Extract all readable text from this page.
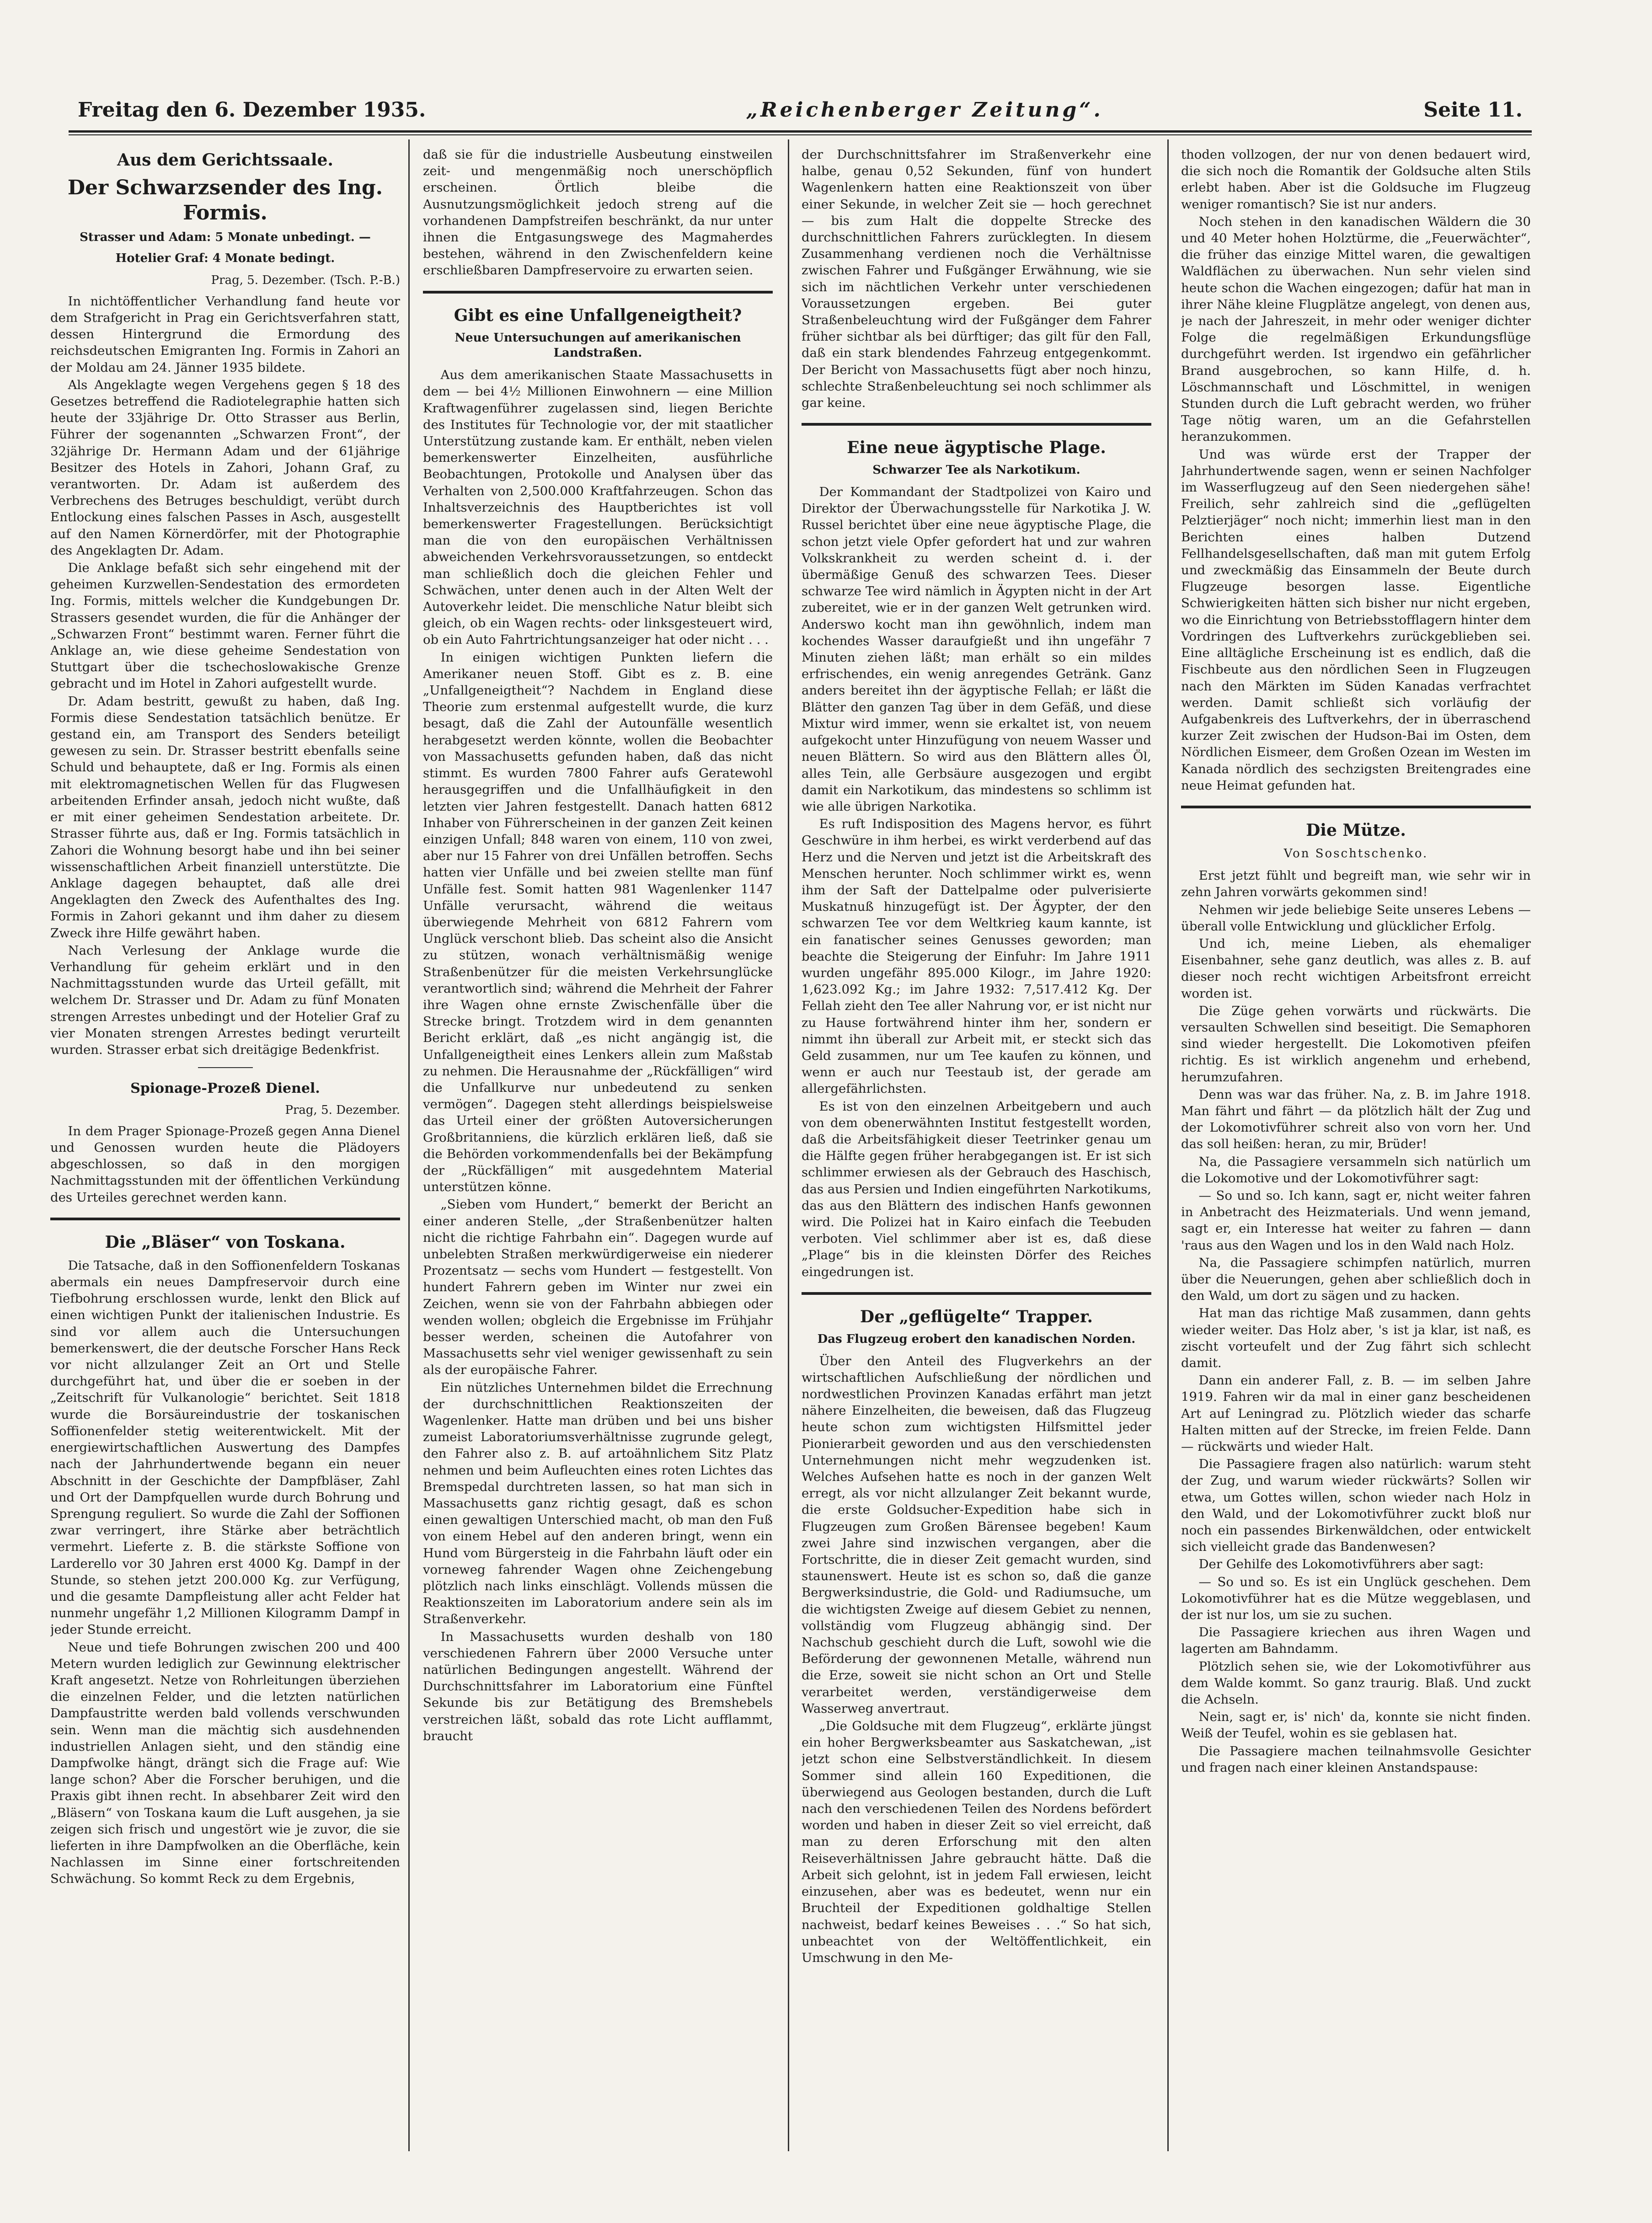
Freitag den 6. Dezember 1935.	„Reichenberger Zeitung“.	Seite 11.
Aus dem Gerichtssaale.
Der Schwarzsender des Ing. Formis.
Strasser und Adam: 5 Monate unbedingt. —
Hotelier Graf: 4 Monate bedingt.
Prag, 5. Dezember. (Tsch. P.-B.)

In nichtöffentlicher Verhandlung fand heute vor dem Strafgericht in Prag ein Gerichtsverfahren statt, dessen Hintergrund die Ermordung des reichsdeutschen Emigranten Ing. Formis in Zahori an der Moldau am 24. Jänner 1935 bildete.

Als Angeklagte wegen Vergehens gegen § 18 des Gesetzes betreffend die Radiotelegraphie hatten sich heute der 33jährige Dr. Otto Strasser aus Berlin, Führer der sogenannten „Schwarzen Front“, der 32jährige Dr. Hermann Adam und der 61jährige Besitzer des Hotels in Zahori, Johann Graf, zu verantworten. Dr. Adam ist außerdem des Verbrechens des Betruges beschuldigt, verübt durch Entlockung eines falschen Passes in Asch, ausgestellt auf den Namen Körnerdörfer, mit der Photographie des Angeklagten Dr. Adam.

Die Anklage befaßt sich sehr eingehend mit der geheimen Kurzwellen-Sendestation des ermordeten Ing. Formis, mittels welcher die Kundgebungen Dr. Strassers gesendet wurden, die für die Anhänger der „Schwarzen Front“ bestimmt waren. Ferner führt die Anklage an, wie diese geheime Sendestation von Stuttgart über die tschechoslowakische Grenze gebracht und im Hotel in Zahori aufgestellt wurde.

Dr. Adam bestritt, gewußt zu haben, daß Ing. Formis diese Sendestation tatsächlich benütze. Er gestand ein, am Transport des Senders beteiligt gewesen zu sein. Dr. Strasser bestritt ebenfalls seine Schuld und behauptete, daß er Ing. Formis als einen mit elektromagnetischen Wellen für das Flugwesen arbeitenden Erfinder ansah, jedoch nicht wußte, daß er mit einer geheimen Sendestation arbeitete. Dr. Strasser führte aus, daß er Ing. Formis tatsächlich in Zahori die Wohnung besorgt habe und ihn bei seiner wissenschaftlichen Arbeit finanziell unterstützte. Die Anklage dagegen behauptet, daß alle drei Angeklagten den Zweck des Aufenthaltes des Ing. Formis in Zahori gekannt und ihm daher zu diesem Zweck ihre Hilfe gewährt haben.

Nach Verlesung der Anklage wurde die Verhandlung für geheim erklärt und in den Nachmittagsstunden wurde das Urteil gefällt, mit welchem Dr. Strasser und Dr. Adam zu fünf Monaten strengen Arrestes unbedingt und der Hotelier Graf zu vier Monaten strengen Arrestes bedingt verurteilt wurden. Strasser erbat sich dreitägige Bedenkfrist.

Spionage-Prozeß Dienel.
Prag, 5. Dezember.

In dem Prager Spionage-Prozeß gegen Anna Dienel und Genossen wurden heute die Plädoyers abgeschlossen, so daß in den morgigen Nachmittagsstunden mit der öffentlichen Verkündung des Urteiles gerechnet werden kann.

Die „Bläser“ von Toskana.

Die Tatsache, daß in den Soffionenfeldern Toskanas abermals ein neues Dampfreservoir durch eine Tiefbohrung erschlossen wurde, lenkt den Blick auf einen wichtigen Punkt der italienischen Industrie. Es sind vor allem auch die Untersuchungen bemerkenswert, die der deutsche Forscher Hans Reck vor nicht allzulanger Zeit an Ort und Stelle durchgeführt hat, und über die er soeben in der „Zeitschrift für Vulkanologie“ berichtet. Seit 1818 wurde die Borsäureindustrie der toskanischen Soffionenfelder stetig weiterentwickelt. Mit der energiewirtschaftlichen Auswertung des Dampfes nach der Jahrhundertwende begann ein neuer Abschnitt in der Geschichte der Dampfbläser, Zahl und Ort der Dampfquellen wurde durch Bohrung und Sprengung reguliert. So wurde die Zahl der Soffionen zwar verringert, ihre Stärke aber beträchtlich vermehrt. Lieferte z. B. die stärkste Soffione von Larderello vor 30 Jahren erst 4000 Kg. Dampf in der Stunde, so stehen jetzt 200.000 Kg. zur Verfügung, und die gesamte Dampfleistung aller acht Felder hat nunmehr ungefähr 1,2 Millionen Kilogramm Dampf in jeder Stunde erreicht.

Neue und tiefe Bohrungen zwischen 200 und 400 Metern wurden lediglich zur Gewinnung elektrischer Kraft angesetzt. Netze von Rohrleitungen überziehen die einzelnen Felder, und die letzten natürlichen Dampfaustritte werden bald vollends verschwunden sein. Wenn man die mächtig sich ausdehnenden industriellen Anlagen sieht, und den ständig eine Dampfwolke hängt, drängt sich die Frage auf: Wie lange schon? Aber die Forscher beruhigen, und die Praxis gibt ihnen recht. In absehbarer Zeit wird den „Bläsern“ von Toskana kaum die Luft ausgehen, ja sie zeigen sich frisch und ungestört wie je zuvor, die sie lieferten in ihre Dampfwolken an die Oberfläche, kein Nachlassen im Sinne einer fortschreitenden Schwächung. So kommt Reck zu dem Ergebnis,

daß sie für die industrielle Ausbeutung einstweilen zeit- und mengenmäßig noch unerschöpflich erscheinen. Örtlich bleibe die Ausnutzungsmöglichkeit jedoch streng auf die vorhandenen Dampfstreifen beschränkt, da nur unter ihnen die Entgasungswege des Magmaherdes bestehen, während in den Zwischenfeldern keine erschließbaren Dampfreservoire zu erwarten seien.

Gibt es eine Unfallgeneigtheit?
Neue Untersuchungen auf amerikanischen Landstraßen.

Aus dem amerikanischen Staate Massachusetts in dem — bei 4½ Millionen Einwohnern — eine Million Kraftwagenführer zugelassen sind, liegen Berichte des Institutes für Technologie vor, der mit staatlicher Unterstützung zustande kam. Er enthält, neben vielen bemerkenswerter Einzelheiten, ausführliche Beobachtungen, Protokolle und Analysen über das Verhalten von 2,500.000 Kraftfahrzeugen. Schon das Inhaltsverzeichnis des Hauptberichtes ist voll bemerkenswerter Fragestellungen. Berücksichtigt man die von den europäischen Verhältnissen abweichenden Verkehrsvoraussetzungen, so entdeckt man schließlich doch die gleichen Fehler und Schwächen, unter denen auch in der Alten Welt der Autoverkehr leidet. Die menschliche Natur bleibt sich gleich, ob ein Wagen rechts- oder linksgesteuert wird, ob ein Auto Fahrtrichtungsanzeiger hat oder nicht . . .

In einigen wichtigen Punkten liefern die Amerikaner neuen Stoff. Gibt es z. B. eine „Unfallgeneigtheit“? Nachdem in England diese Theorie zum erstenmal aufgestellt wurde, die kurz besagt, daß die Zahl der Autounfälle wesentlich herabgesetzt werden könnte, wollen die Beobachter von Massachusetts gefunden haben, daß das nicht stimmt. Es wurden 7800 Fahrer aufs Geratewohl herausgegriffen und die Unfallhäufigkeit in den letzten vier Jahren festgestellt. Danach hatten 6812 Inhaber von Führerscheinen in der ganzen Zeit keinen einzigen Unfall; 848 waren von einem, 110 von zwei, aber nur 15 Fahrer von drei Unfällen betroffen. Sechs hatten vier Unfälle und bei zweien stellte man fünf Unfälle fest. Somit hatten 981 Wagenlenker 1147 Unfälle verursacht, während die weitaus überwiegende Mehrheit von 6812 Fahrern vom Unglück verschont blieb. Das scheint also die Ansicht zu stützen, wonach verhältnismäßig wenige Straßenbenützer für die meisten Verkehrsunglücke verantwortlich sind; während die Mehrheit der Fahrer ihre Wagen ohne ernste Zwischenfälle über die Strecke bringt. Trotzdem wird in dem genannten Bericht erklärt, daß „es nicht angängig ist, die Unfallgeneigtheit eines Lenkers allein zum Maßstab zu nehmen. Die Herausnahme der „Rückfälligen“ wird die Unfallkurve nur unbedeutend zu senken vermögen“. Dagegen steht allerdings beispielsweise das Urteil einer der größten Autoversicherungen Großbritanniens, die kürzlich erklären ließ, daß sie die Behörden vorkommendenfalls bei der Bekämpfung der „Rückfälligen“ mit ausgedehntem Material unterstützen könne.

„Sieben vom Hundert,“ bemerkt der Bericht an einer anderen Stelle, „der Straßenbenützer halten nicht die richtige Fahrbahn ein“. Dagegen wurde auf unbelebten Straßen merkwürdigerweise ein niederer Prozentsatz — sechs vom Hundert — festgestellt. Von hundert Fahrern geben im Winter nur zwei ein Zeichen, wenn sie von der Fahrbahn abbiegen oder wenden wollen; obgleich die Ergebnisse im Frühjahr besser werden, scheinen die Autofahrer von Massachusetts sehr viel weniger gewissenhaft zu sein als der europäische Fahrer.

Ein nützliches Unternehmen bildet die Errechnung der durchschnittlichen Reaktionszeiten der Wagenlenker. Hatte man drüben und bei uns bisher zumeist Laboratoriumsverhältnisse zugrunde gelegt, den Fahrer also z. B. auf artoähnlichem Sitz Platz nehmen und beim Aufleuchten eines roten Lichtes das Bremspedal durchtreten lassen, so hat man sich in Massachusetts ganz richtig gesagt, daß es schon einen gewaltigen Unterschied macht, ob man den Fuß von einem Hebel auf den anderen bringt, wenn ein Hund vom Bürgersteig in die Fahrbahn läuft oder ein vorneweg fahrender Wagen ohne Zeichengebung plötzlich nach links einschlägt. Vollends müssen die Reaktionszeiten im Laboratorium andere sein als im Straßenverkehr.

In Massachusetts wurden deshalb von 180 verschiedenen Fahrern über 2000 Versuche unter natürlichen Bedingungen angestellt. Während der Durchschnittsfahrer im Laboratorium eine Fünftel Sekunde bis zur Betätigung des Bremshebels verstreichen läßt, sobald das rote Licht aufflammt, braucht

der Durchschnittsfahrer im Straßenverkehr eine halbe, genau 0,52 Sekunden, fünf von hundert Wagenlenkern hatten eine Reaktionszeit von über einer Sekunde, in welcher Zeit sie — hoch gerechnet — bis zum Halt die doppelte Strecke des durchschnittlichen Fahrers zurücklegten. In diesem Zusammenhang verdienen noch die Verhältnisse zwischen Fahrer und Fußgänger Erwähnung, wie sie sich im nächtlichen Verkehr unter verschiedenen Voraussetzungen ergeben. Bei guter Straßenbeleuchtung wird der Fußgänger dem Fahrer früher sichtbar als bei dürftiger; das gilt für den Fall, daß ein stark blendendes Fahrzeug entgegenkommt. Der Bericht von Massachusetts fügt aber noch hinzu, schlechte Straßenbeleuchtung sei noch schlimmer als gar keine.

Eine neue ägyptische Plage.
Schwarzer Tee als Narkotikum.

Der Kommandant der Stadtpolizei von Kairo und Direktor der Überwachungsstelle für Narkotika J. W. Russel berichtet über eine neue ägyptische Plage, die schon jetzt viele Opfer gefordert hat und zur wahren Volkskrankheit zu werden scheint d. i. der übermäßige Genuß des schwarzen Tees. Dieser schwarze Tee wird nämlich in Ägypten nicht in der Art zubereitet, wie er in der ganzen Welt getrunken wird. Anderswo kocht man ihn gewöhnlich, indem man kochendes Wasser daraufgießt und ihn ungefähr 7 Minuten ziehen läßt; man erhält so ein mildes erfrischendes, ein wenig anregendes Getränk. Ganz anders bereitet ihn der ägyptische Fellah; er läßt die Blätter den ganzen Tag über in dem Gefäß, und diese Mixtur wird immer, wenn sie erkaltet ist, von neuem aufgekocht unter Hinzufügung von neuem Wasser und neuen Blättern. So wird aus den Blättern alles Öl, alles Tein, alle Gerbsäure ausgezogen und ergibt damit ein Narkotikum, das mindestens so schlimm ist wie alle übrigen Narkotika.

Es ruft Indisposition des Magens hervor, es führt Geschwüre in ihm herbei, es wirkt verderbend auf das Herz und die Nerven und jetzt ist die Arbeitskraft des Menschen herunter. Noch schlimmer wirkt es, wenn ihm der Saft der Dattelpalme oder pulverisierte Muskatnuß hinzugefügt ist. Der Ägypter, der den schwarzen Tee vor dem Weltkrieg kaum kannte, ist ein fanatischer seines Genusses geworden; man beachte die Steigerung der Einfuhr: Im Jahre 1911 wurden ungefähr 895.000 Kilogr., im Jahre 1920: 1,623.092 Kg.; im Jahre 1932: 7,517.412 Kg. Der Fellah zieht den Tee aller Nahrung vor, er ist nicht nur zu Hause fortwährend hinter ihm her, sondern er nimmt ihn überall zur Arbeit mit, er steckt sich das Geld zusammen, nur um Tee kaufen zu können, und wenn er auch nur Teestaub ist, der gerade am allergefährlichsten.

Es ist von den einzelnen Arbeitgebern und auch von dem obenerwähnten Institut festgestellt worden, daß die Arbeitsfähigkeit dieser Teetrinker genau um die Hälfte gegen früher herabgegangen ist. Er ist sich schlimmer erwiesen als der Gebrauch des Haschisch, das aus Persien und Indien eingeführten Narkotikums, das aus den Blättern des indischen Hanfs gewonnen wird. Die Polizei hat in Kairo einfach die Teebuden verboten. Viel schlimmer aber ist es, daß diese „Plage“ bis in die kleinsten Dörfer des Reiches eingedrungen ist.

Der „geflügelte“ Trapper.
Das Flugzeug erobert den kanadischen Norden.

Über den Anteil des Flugverkehrs an der wirtschaftlichen Aufschließung der nördlichen und nordwestlichen Provinzen Kanadas erfährt man jetzt nähere Einzelheiten, die beweisen, daß das Flugzeug heute schon zum wichtigsten Hilfsmittel jeder Pionierarbeit geworden und aus den verschiedensten Unternehmungen nicht mehr wegzudenken ist. Welches Aufsehen hatte es noch in der ganzen Welt erregt, als vor nicht allzulanger Zeit bekannt wurde, die erste Goldsucher-Expedition habe sich in Flugzeugen zum Großen Bärensee begeben! Kaum zwei Jahre sind inzwischen vergangen, aber die Fortschritte, die in dieser Zeit gemacht wurden, sind staunenswert. Heute ist es schon so, daß die ganze Bergwerksindustrie, die Gold- und Radiumsuche, um die wichtigsten Zweige auf diesem Gebiet zu nennen, vollständig vom Flugzeug abhängig sind. Der Nachschub geschieht durch die Luft, sowohl wie die Beförderung der gewonnenen Metalle, während nun die Erze, soweit sie nicht schon an Ort und Stelle verarbeitet werden, verständigerweise dem Wasserweg anvertraut.

„Die Goldsuche mit dem Flugzeug“, erklärte jüngst ein hoher Bergwerksbeamter aus Saskatchewan, „ist jetzt schon eine Selbstverständlichkeit. In diesem Sommer sind allein 160 Expeditionen, die überwiegend aus Geologen bestanden, durch die Luft nach den verschiedenen Teilen des Nordens befördert worden und haben in dieser Zeit so viel erreicht, daß man zu deren Erforschung mit den alten Reiseverhältnissen Jahre gebraucht hätte. Daß die Arbeit sich gelohnt, ist in jedem Fall erwiesen, leicht einzusehen, aber was es bedeutet, wenn nur ein Bruchteil der Expeditionen goldhaltige Stellen nachweist, bedarf keines Beweises . . .“ So hat sich, unbeachtet von der Weltöffentlichkeit, ein Umschwung in den Me-

thoden vollzogen, der nur von denen bedauert wird, die sich noch die Romantik der Goldsuche alten Stils erlebt haben. Aber ist die Goldsuche im Flugzeug weniger romantisch? Sie ist nur anders.

Noch stehen in den kanadischen Wäldern die 30 und 40 Meter hohen Holztürme, die „Feuerwächter“, die früher das einzige Mittel waren, die gewaltigen Waldflächen zu überwachen. Nun sehr vielen sind heute schon die Wachen eingezogen; dafür hat man in ihrer Nähe kleine Flugplätze angelegt, von denen aus, je nach der Jahreszeit, in mehr oder weniger dichter Folge die regelmäßigen Erkundungsflüge durchgeführt werden. Ist irgendwo ein gefährlicher Brand ausgebrochen, so kann Hilfe, d. h. Löschmannschaft und Löschmittel, in wenigen Stunden durch die Luft gebracht werden, wo früher Tage nötig waren, um an die Gefahrstellen heranzukommen.

Und was würde erst der Trapper der Jahrhundertwende sagen, wenn er seinen Nachfolger im Wasserflugzeug auf den Seen niedergehen sähe! Freilich, sehr zahlreich sind die „geflügelten Pelztierjäger“ noch nicht; immerhin liest man in den Berichten eines halben Dutzend Fellhandelsgesellschaften, daß man mit gutem Erfolg und zweckmäßig das Einsammeln der Beute durch Flugzeuge besorgen lasse. Eigentliche Schwierigkeiten hätten sich bisher nur nicht ergeben, wo die Einrichtung von Betriebsstofflagern hinter dem Vordringen des Luftverkehrs zurückgeblieben sei. Eine alltägliche Erscheinung ist es endlich, daß die Fischbeute aus den nördlichen Seen in Flugzeugen nach den Märkten im Süden Kanadas verfrachtet werden. Damit schließt sich vorläufig der Aufgabenkreis des Luftverkehrs, der in überraschend kurzer Zeit zwischen der Hudson-Bai im Osten, dem Nördlichen Eismeer, dem Großen Ozean im Westen im Kanada nördlich des sechzigsten Breitengrades eine neue Heimat gefunden hat.

Die Mütze.
Von Soschtschenko.

Erst jetzt fühlt und begreift man, wie sehr wir in zehn Jahren vorwärts gekommen sind!

Nehmen wir jede beliebige Seite unseres Lebens — überall volle Entwicklung und glücklicher Erfolg.

Und ich, meine Lieben, als ehemaliger Eisenbahner, sehe ganz deutlich, was alles z. B. auf dieser noch recht wichtigen Arbeitsfront erreicht worden ist.

Die Züge gehen vorwärts und rückwärts. Die versaulten Schwellen sind beseitigt. Die Semaphoren sind wieder hergestellt. Die Lokomotiven pfeifen richtig. Es ist wirklich angenehm und erhebend, herumzufahren.

Denn was war das früher. Na, z. B. im Jahre 1918. Man fährt und fährt — da plötzlich hält der Zug und der Lokomotivführer schreit also von vorn her. Und das soll heißen: heran, zu mir, Brüder!

Na, die Passagiere versammeln sich natürlich um die Lokomotive und der Lokomotivführer sagt:

— So und so. Ich kann, sagt er, nicht weiter fahren in Anbetracht des Heizmaterials. Und wenn jemand, sagt er, ein Interesse hat weiter zu fahren — dann 'raus aus den Wagen und los in den Wald nach Holz.

Na, die Passagiere schimpfen natürlich, murren über die Neuerungen, gehen aber schließlich doch in den Wald, um dort zu sägen und zu hacken.

Hat man das richtige Maß zusammen, dann gehts wieder weiter. Das Holz aber, 's ist ja klar, ist naß, es zischt vorteufelt und der Zug fährt sich schlecht damit.

Dann ein anderer Fall, z. B. — im selben Jahre 1919. Fahren wir da mal in einer ganz bescheidenen Art auf Leningrad zu. Plötzlich wieder das scharfe Halten mitten auf der Strecke, im freien Felde. Dann — rückwärts und wieder Halt.

Die Passagiere fragen also natürlich: warum steht der Zug, und warum wieder rückwärts? Sollen wir etwa, um Gottes willen, schon wieder nach Holz in den Wald, und der Lokomotivführer zuckt bloß nur noch ein passendes Birkenwäldchen, oder entwickelt sich vielleicht grade das Bandenwesen?

Der Gehilfe des Lokomotivführers aber sagt:

— So und so. Es ist ein Unglück geschehen. Dem Lokomotivführer hat es die Mütze weggeblasen, und der ist nur los, um sie zu suchen.

Die Passagiere kriechen aus ihren Wagen und lagerten am Bahndamm.

Plötzlich sehen sie, wie der Lokomotivführer aus dem Walde kommt. So ganz traurig. Blaß. Und zuckt die Achseln.

Nein, sagt er, is' nich' da, konnte sie nicht finden. Weiß der Teufel, wohin es sie geblasen hat.

Die Passagiere machen teilnahmsvolle Gesichter und fragen nach einer kleinen Anstandspause:
